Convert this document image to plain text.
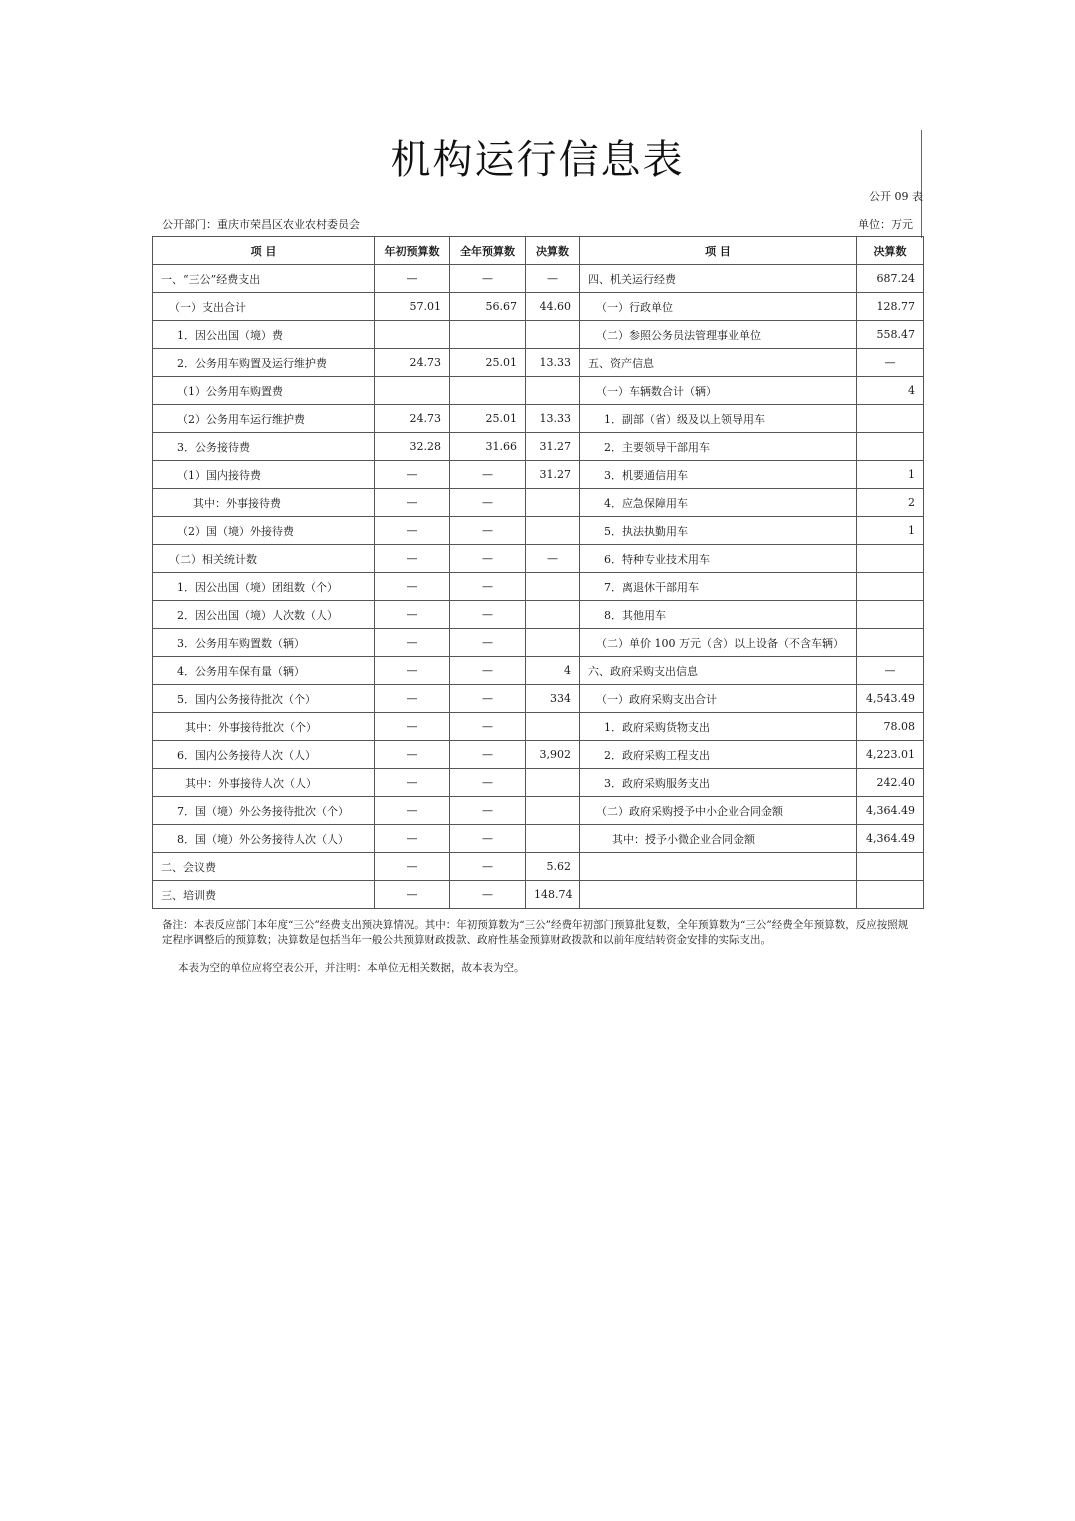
机构运行信息表
公开 09 表
公开部门：重庆市荣昌区农业农村委员会	单位：万元
项 目	年初预算数	全年预算数	决算数	项 目	决算数
一、“三公”经费支出	—	—	—	四、机关运行经费	687.24
（一）支出合计	57.01	56.67	44.60	（一）行政单位	128.77
1．因公出国（境）费				（二）参照公务员法管理事业单位	558.47
2．公务用车购置及运行维护费	24.73	25.01	13.33	五、资产信息	—
（1）公务用车购置费				（一）车辆数合计（辆）	4
（2）公务用车运行维护费	24.73	25.01	13.33	1．副部（省）级及以上领导用车	
3．公务接待费	32.28	31.66	31.27	2．主要领导干部用车	
（1）国内接待费	—	—	31.27	3．机要通信用车	1
其中：外事接待费	—	—		4．应急保障用车	2
（2）国（境）外接待费	—	—		5．执法执勤用车	1
（二）相关统计数	—	—	—	6．特种专业技术用车	
1．因公出国（境）团组数（个）	—	—		7．离退休干部用车	
2．因公出国（境）人次数（人）	—	—		8．其他用车	
3．公务用车购置数（辆）	—	—		（二）单价 100 万元（含）以上设备（不含车辆）	
4．公务用车保有量（辆）	—	—	4	六、政府采购支出信息	—
5．国内公务接待批次（个）	—	—	334	（一）政府采购支出合计	4,543.49
其中：外事接待批次（个）	—	—		1．政府采购货物支出	78.08
6．国内公务接待人次（人）	—	—	3,902	2．政府采购工程支出	4,223.01
其中：外事接待人次（人）	—	—		3．政府采购服务支出	242.40
7．国（境）外公务接待批次（个）	—	—		（二）政府采购授予中小企业合同金额	4,364.49
8．国（境）外公务接待人次（人）	—	—		其中：授予小微企业合同金额	4,364.49
二、会议费	—	—	5.62		
三、培训费	—	—	148.74		
备注：本表反应部门本年度“三公”经费支出预决算情况。其中：年初预算数为“三公”经费年初部门预算批复数，全年预算数为“三公”经费全年预算数，反应按照规定程序调整后的预算数；决算数是包括当年一般公共预算财政拨款、政府性基金预算财政拨款和以前年度结转资金安排的实际支出。
本表为空的单位应将空表公开，并注明：本单位无相关数据，故本表为空。
